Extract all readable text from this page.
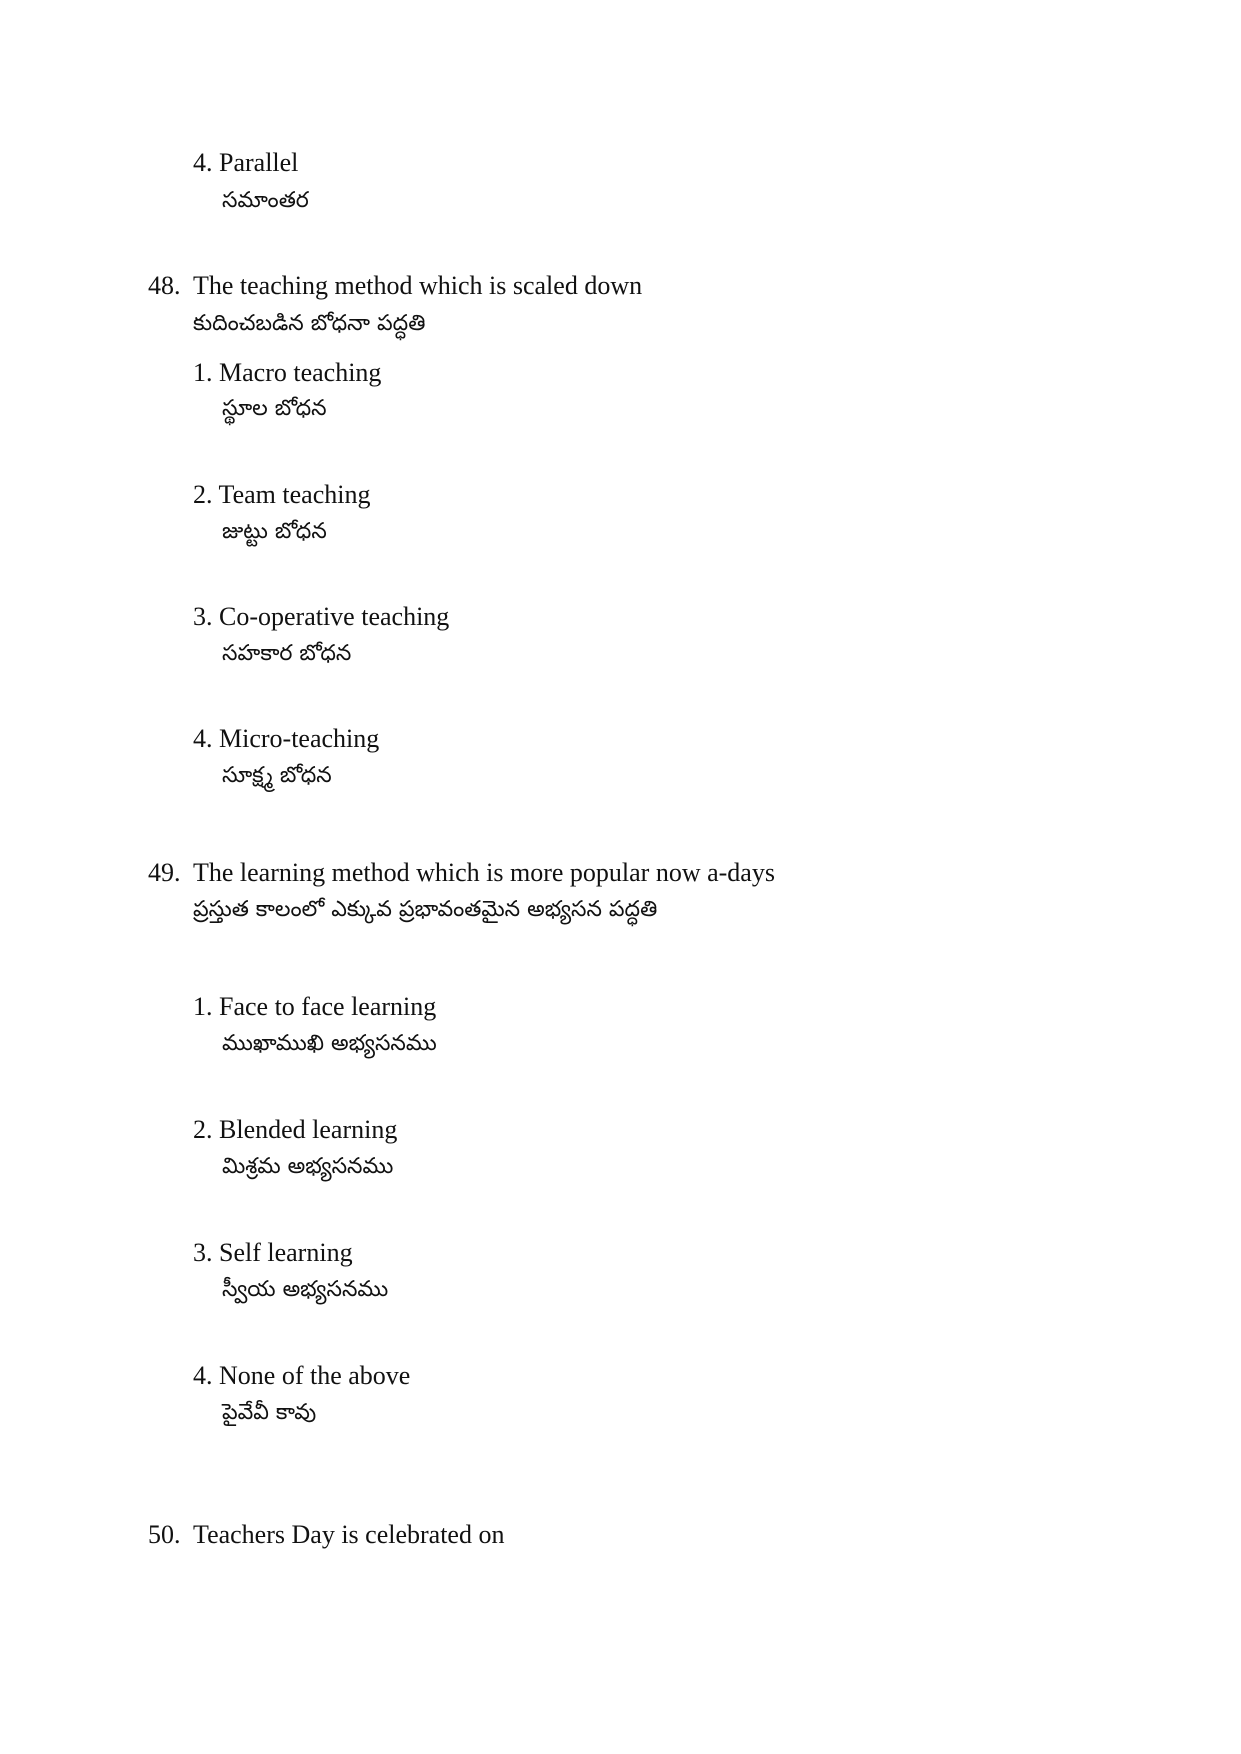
4. Parallel
సమాంతర
48. The teaching method which is scaled down
కుదించబడిన బోధనా పద్ధతి
1. Macro teaching
స్థూల బోధన
2. Team teaching
జుట్టు బోధన
3. Co-operative teaching
సహకార బోధన
4. Micro-teaching
సూక్ష్మ బోధన
49. The learning method which is more popular now a-days
ప్రస్తుత కాలంలో ఎక్కువ ప్రభావంతమైన అభ్యసన పద్ధతి
1. Face to face learning
ముఖాముఖి అభ్యసనము
2. Blended learning
మిశ్రమ అభ్యసనము
3. Self learning
స్వీయ అభ్యసనము
4. None of the above
పైవేవీ కావు
50. Teachers Day is celebrated on
